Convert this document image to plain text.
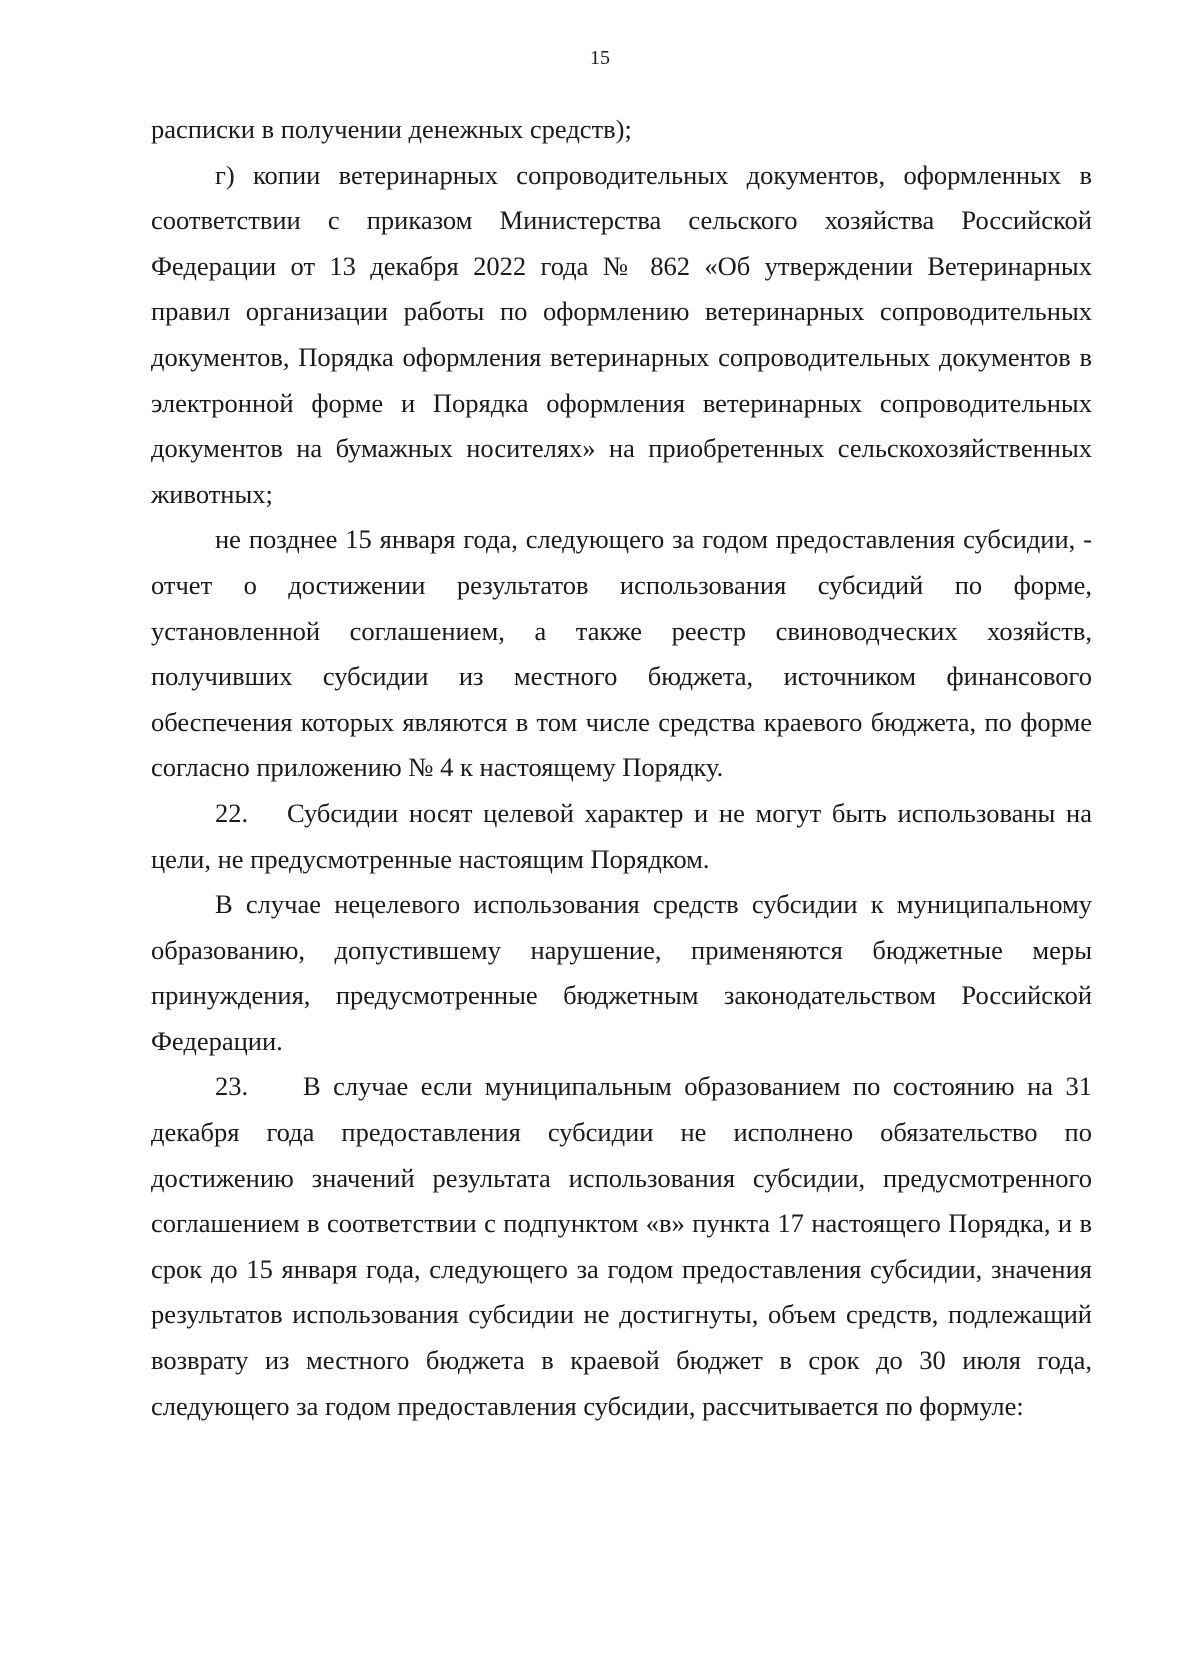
15

расписки в получении денежных средств);

г) копии ветеринарных сопроводительных документов, оформленных в соответствии с приказом Министерства сельского хозяйства Российской Федерации от 13 декабря 2022 года № 862 «Об утверждении Ветеринарных правил организации работы по оформлению ветеринарных сопроводительных документов, Порядка оформления ветеринарных сопроводительных документов в электронной форме и Порядка оформления ветеринарных сопроводительных документов на бумажных носителях» на приобретенных сельскохозяйственных животных;

не позднее 15 января года, следующего за годом предоставления субсидии, - отчет о достижении результатов использования субсидий по форме, установленной соглашением, а также реестр свиноводческих хозяйств, получивших субсидии из местного бюджета, источником финансового обеспечения которых являются в том числе средства краевого бюджета, по форме согласно приложению № 4 к настоящему Порядку.

22. Субсидии носят целевой характер и не могут быть использованы на цели, не предусмотренные настоящим Порядком.

В случае нецелевого использования средств субсидии к муниципальному образованию, допустившему нарушение, применяются бюджетные меры принуждения, предусмотренные бюджетным законодательством Российской Федерации.

23. В случае если муниципальным образованием по состоянию на 31 декабря года предоставления субсидии не исполнено обязательство по достижению значений результата использования субсидии, предусмотренного соглашением в соответствии с подпунктом «в» пункта 17 настоящего Порядка, и в срок до 15 января года, следующего за годом предоставления субсидии, значения результатов использования субсидии не достигнуты, объем средств, подлежащий возврату из местного бюджета в краевой бюджет в срок до 30 июля года, следующего за годом предоставления субсидии, рассчитывается по формуле:
